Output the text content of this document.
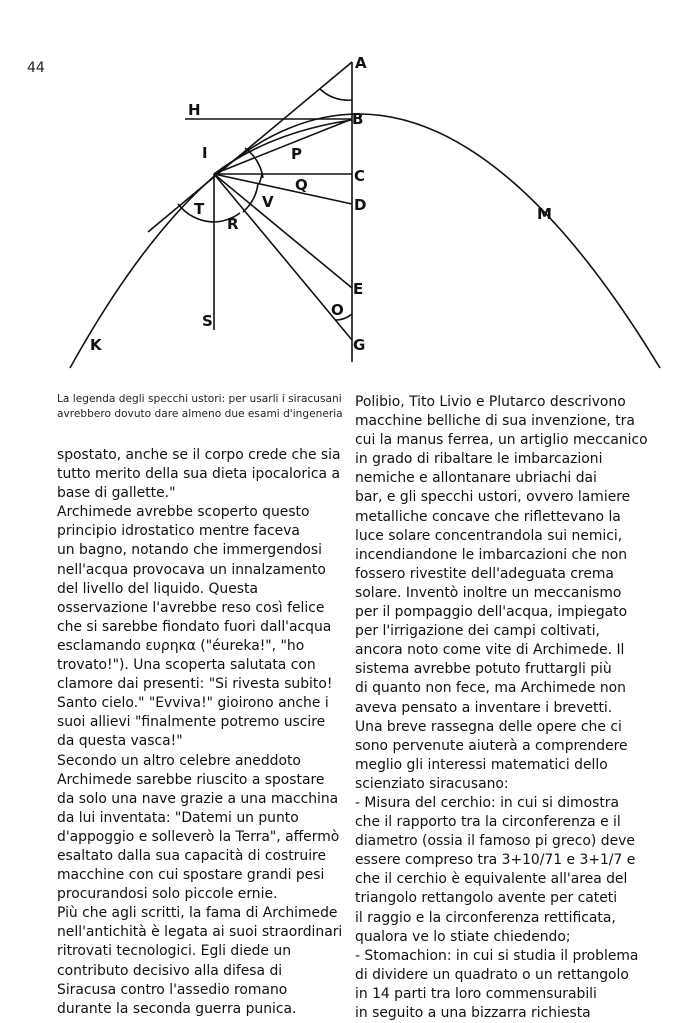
44	A
B
H
I	P
C
Q
D	M
T	V
R
E
O
S
G
K
La legenda degli specchi ustori: per usarli i siracusani
avrebbero dovuto dare almeno due esami d'ingeneria
spostato, anche se il corpo crede che sia
tutto merito della sua dieta ipocalorica a
base di gallette."
Archimede avrebbe scoperto questo
principio idrostatico mentre faceva
un bagno, notando che immergendosi
nell'acqua provocava un innalzamento
del livello del liquido. Questa
osservazione l'avrebbe reso così felice
che si sarebbe fiondato fuori dall'acqua
esclamando ευρηκα ("éureka!", "ho
trovato!"). Una scoperta salutata con
clamore dai presenti: "Si rivesta subito!
Santo cielo." "Evviva!" gioirono anche i
suoi allievi "finalmente potremo uscire
da questa vasca!"
Secondo un altro celebre aneddoto
Archimede sarebbe riuscito a spostare
da solo una nave grazie a una macchina
da lui inventata: "Datemi un punto
d'appoggio e solleverò la Terra", affermò
esaltato dalla sua capacità di costruire
macchine con cui spostare grandi pesi
procurandosi solo piccole ernie.
Più che agli scritti, la fama di Archimede
nell'antichità è legata ai suoi straordinari
ritrovati tecnologici. Egli diede un
contributo decisivo alla difesa di
Siracusa contro l'assedio romano
durante la seconda guerra punica.
Polibio, Tito Livio e Plutarco descrivono
macchine belliche di sua invenzione, tra
cui la manus ferrea, un artiglio meccanico
in grado di ribaltare le imbarcazioni
nemiche e allontanare ubriachi dai
bar, e gli specchi ustori, ovvero lamiere
metalliche concave che riflettevano la
luce solare concentrandola sui nemici,
incendiandone le imbarcazioni che non
fossero rivestite dell'adeguata crema
solare. Inventò inoltre un meccanismo
per il pompaggio dell'acqua, impiegato
per l'irrigazione dei campi coltivati,
ancora noto come vite di Archimede. Il
sistema avrebbe potuto fruttargli più
di quanto non fece, ma Archimede non
aveva pensato a inventare i brevetti.
Una breve rassegna delle opere che ci
sono pervenute aiuterà a comprendere
meglio gli interessi matematici dello
scienziato siracusano:
- Misura del cerchio: in cui si dimostra
che il rapporto tra la circonferenza e il
diametro (ossia il famoso pi greco) deve
essere compreso tra 3+10/71 e 3+1/7 e
che il cerchio è equivalente all'area del
triangolo rettangolo avente per cateti
il raggio e la circonferenza rettificata,
qualora ve lo stiate chiedendo;
- Stomachion: in cui si studia il problema
di dividere un quadrato o un rettangolo
in 14 parti tra loro commensurabili
in seguito a una bizzarra richiesta
